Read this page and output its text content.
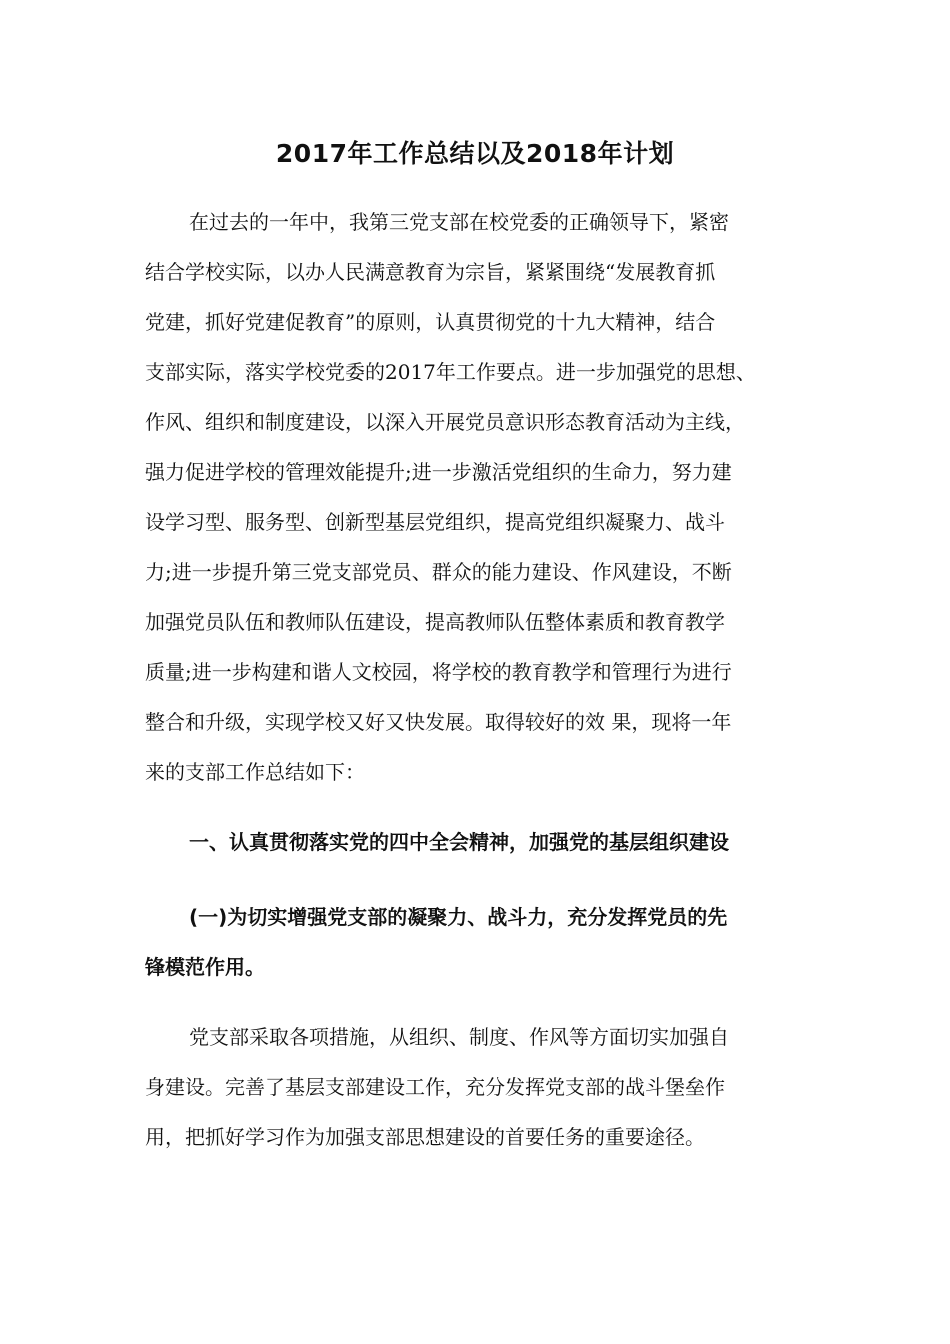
2017年工作总结以及2018年计划
在过去的一年中，我第三党支部在校党委的正确领导下，紧密
结合学校实际，以办人民满意教育为宗旨，紧紧围绕“发展教育抓
党建，抓好党建促教育”的原则，认真贯彻党的十九大精神，结合
支部实际，落实学校党委的2017年工作要点。进一步加强党的思想、
作风、组织和制度建设，以深入开展党员意识形态教育活动为主线，
强力促进学校的管理效能提升;进一步激活党组织的生命力，努力建
设学习型、服务型、创新型基层党组织，提高党组织凝聚力、战斗
力;进一步提升第三党支部党员、群众的能力建设、作风建设，不断
加强党员队伍和教师队伍建设，提高教师队伍整体素质和教育教学
质量;进一步构建和谐人文校园，将学校的教育教学和管理行为进行
整合和升级，实现学校又好又快发展。取得较好的效 果，现将一年
来的支部工作总结如下：
一、认真贯彻落实党的四中全会精神，加强党的基层组织建设
(一)为切实增强党支部的凝聚力、战斗力，充分发挥党员的先
锋模范作用。
党支部采取各项措施，从组织、制度、作风等方面切实加强自
身建设。完善了基层支部建设工作，充分发挥党支部的战斗堡垒作
用，把抓好学习作为加强支部思想建设的首要任务的重要途径。
